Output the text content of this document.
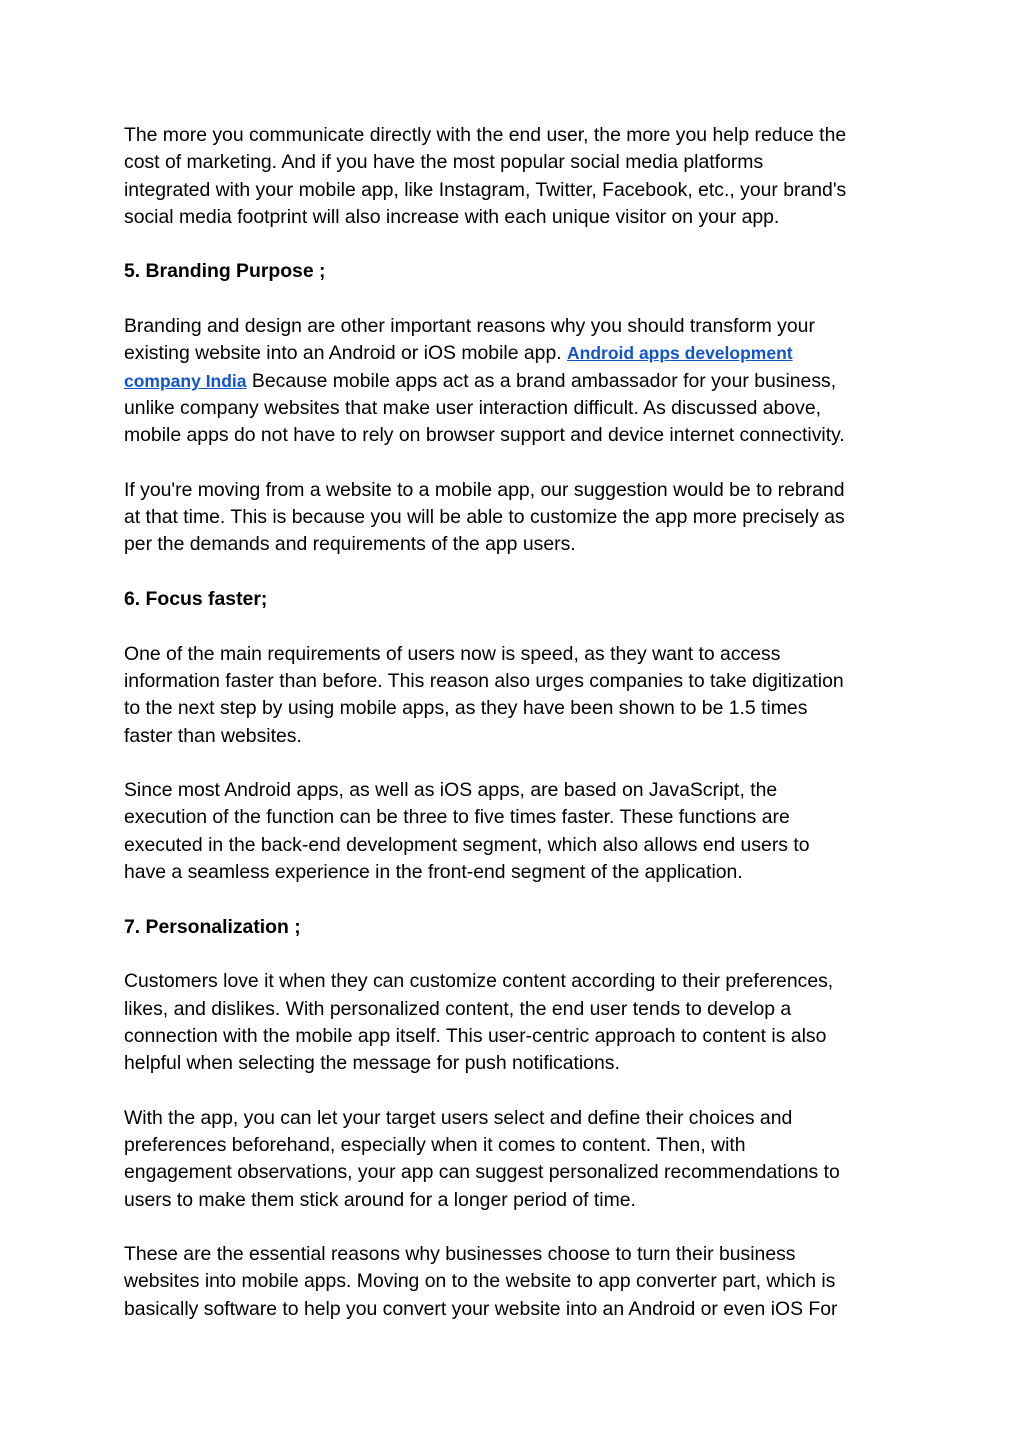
The more you communicate directly with the end user, the more you help reduce the
cost of marketing. And if you have the most popular social media platforms
integrated with your mobile app, like Instagram, Twitter, Facebook, etc., your brand's
social media footprint will also increase with each unique visitor on your app.

5. Branding Purpose ;

Branding and design are other important reasons why you should transform your
existing website into an Android or iOS mobile app. Android apps development
company India Because mobile apps act as a brand ambassador for your business,
unlike company websites that make user interaction difficult. As discussed above,
mobile apps do not have to rely on browser support and device internet connectivity.

If you're moving from a website to a mobile app, our suggestion would be to rebrand
at that time. This is because you will be able to customize the app more precisely as
per the demands and requirements of the app users.

6. Focus faster;

One of the main requirements of users now is speed, as they want to access
information faster than before. This reason also urges companies to take digitization
to the next step by using mobile apps, as they have been shown to be 1.5 times
faster than websites.

Since most Android apps, as well as iOS apps, are based on JavaScript, the
execution of the function can be three to five times faster. These functions are
executed in the back-end development segment, which also allows end users to
have a seamless experience in the front-end segment of the application.

7. Personalization ;

Customers love it when they can customize content according to their preferences,
likes, and dislikes. With personalized content, the end user tends to develop a
connection with the mobile app itself. This user-centric approach to content is also
helpful when selecting the message for push notifications.

With the app, you can let your target users select and define their choices and
preferences beforehand, especially when it comes to content. Then, with
engagement observations, your app can suggest personalized recommendations to
users to make them stick around for a longer period of time.

These are the essential reasons why businesses choose to turn their business
websites into mobile apps. Moving on to the website to app converter part, which is
basically software to help you convert your website into an Android or even iOS For
